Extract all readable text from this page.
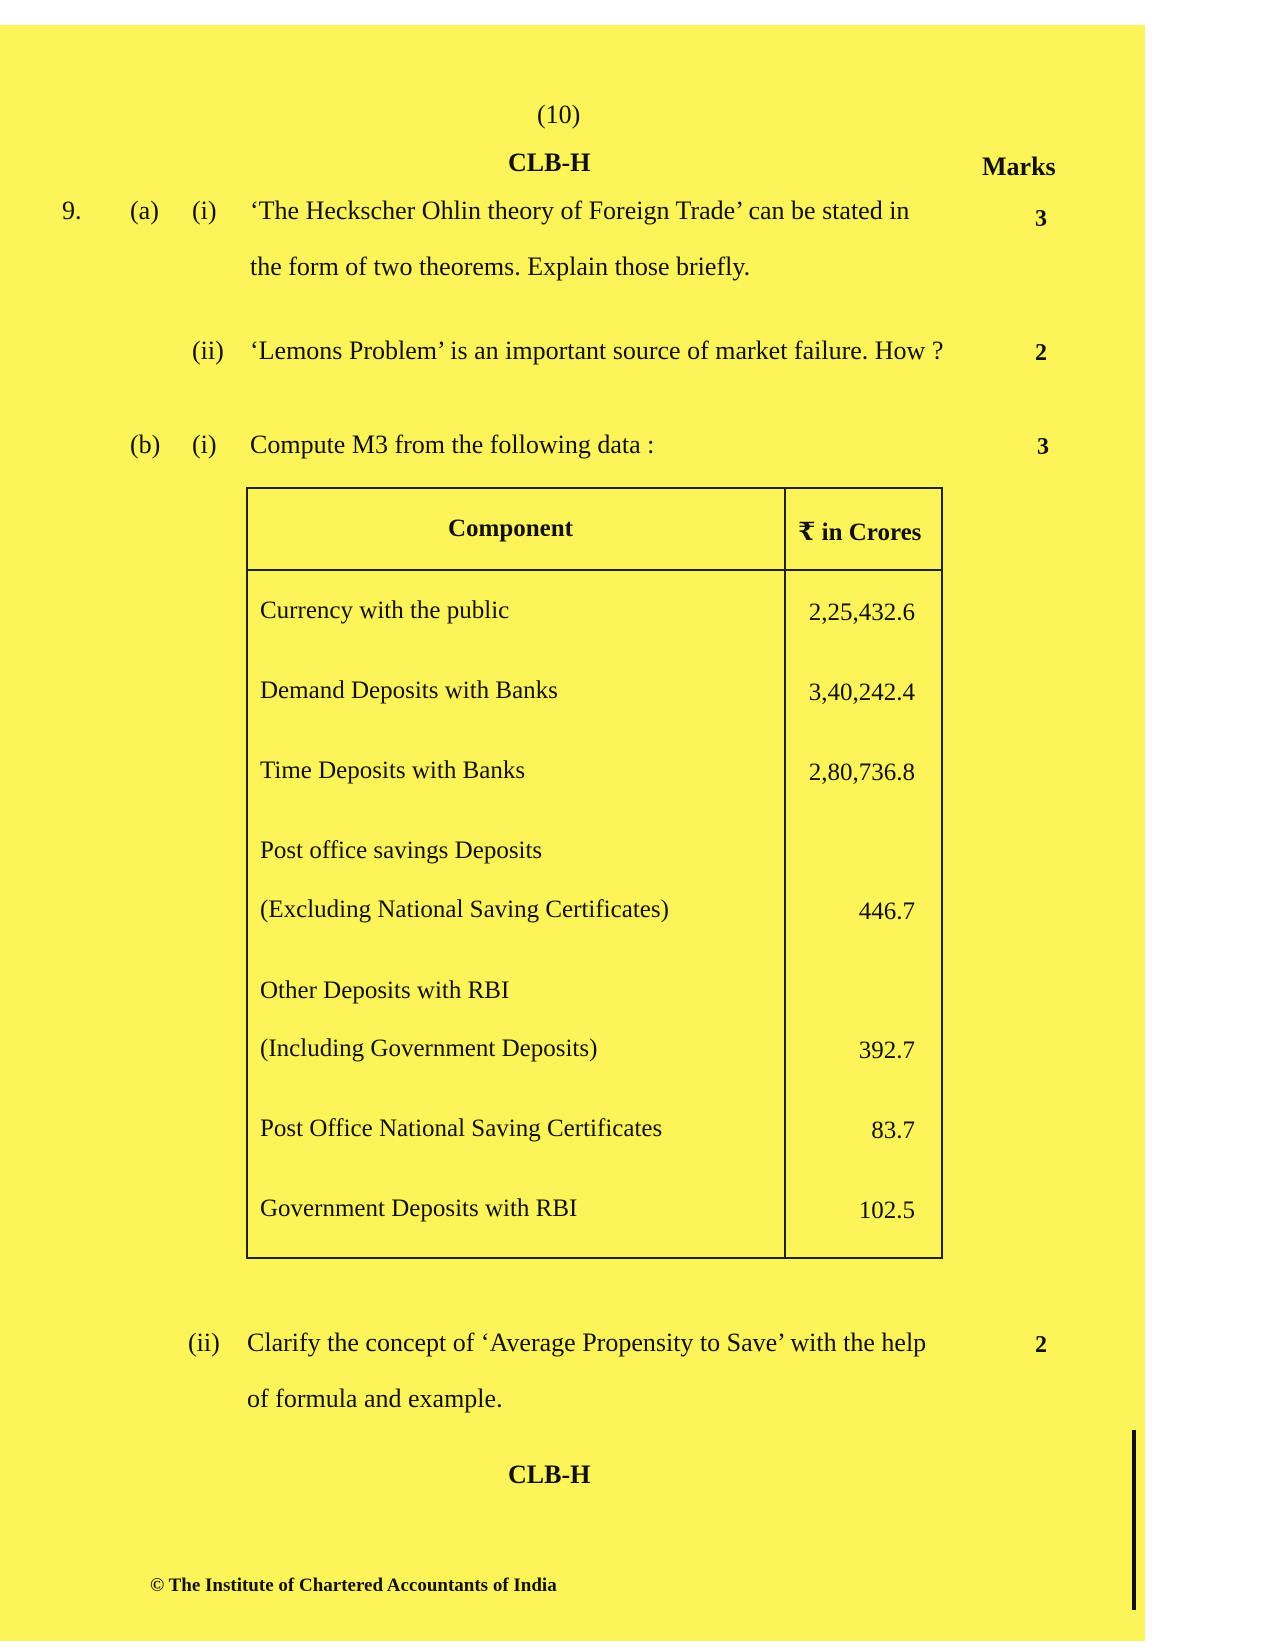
(10)
CLB-H	Marks
9. (a) (i) ‘The Heckscher Ohlin theory of Foreign Trade’ can be stated in
the form of two theorems. Explain those briefly.
3
(ii) ‘Lemons Problem’ is an important source of market failure. How ?	2
(b) (i) Compute M3 from the following data :	3
Component	₹ in Crores
Currency with the public	2,25,432.6
Demand Deposits with Banks	3,40,242.4
Time Deposits with Banks	2,80,736.8
Post office savings Deposits
(Excluding National Saving Certificates)	446.7
Other Deposits with RBI
(Including Government Deposits)	392.7
Post Office National Saving Certificates	83.7
Government Deposits with RBI	102.5
(ii) Clarify the concept of ‘Average Propensity to Save’ with the help
of formula and example.
2
CLB-H
© The Institute of Chartered Accountants of India
